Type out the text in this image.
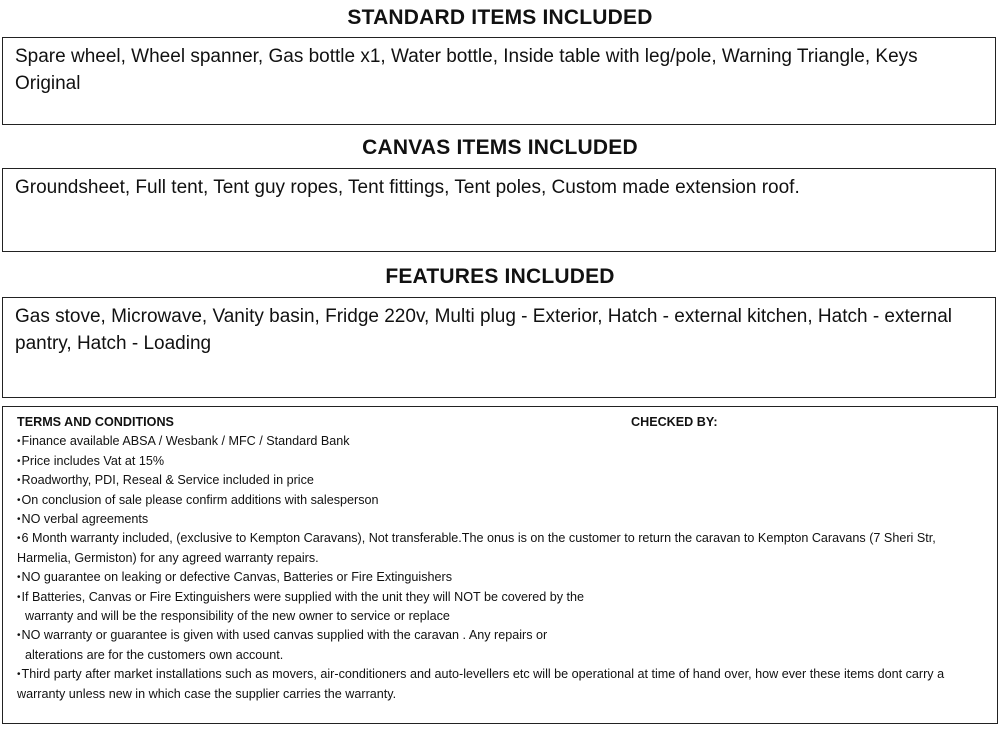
STANDARD ITEMS INCLUDED
Spare wheel, Wheel spanner, Gas bottle x1, Water bottle, Inside table with leg/pole, Warning Triangle, Keys Original
CANVAS ITEMS INCLUDED
Groundsheet, Full tent, Tent guy ropes, Tent fittings, Tent poles, Custom made extension roof.
FEATURES INCLUDED
Gas stove, Microwave, Vanity basin, Fridge 220v, Multi plug - Exterior, Hatch - external kitchen, Hatch - external pantry, Hatch - Loading
TERMS AND CONDITIONS	CHECKED BY:
•Finance available ABSA / Wesbank / MFC / Standard Bank
•Price includes Vat at 15%
•Roadworthy, PDI, Reseal & Service included in price
•On conclusion of sale please confirm additions with salesperson
•NO verbal agreements
•6 Month warranty included, (exclusive to Kempton Caravans), Not transferable.The onus is on the customer to return the caravan to Kempton Caravans (7 Sheri Str, Harmelia, Germiston) for any agreed warranty repairs.
•NO guarantee on leaking or defective Canvas, Batteries or Fire Extinguishers
•If Batteries, Canvas or Fire Extinguishers were supplied with the unit they will NOT be covered by the
warranty and will be the responsibility of the new owner to service or replace
•NO warranty or guarantee is given with used canvas supplied with the caravan . Any repairs or
alterations are for the customers own account.
•Third party after market installations such as movers, air-conditioners and auto-levellers etc will be operational at time of hand over, how ever these items dont carry a warranty unless new in which case the supplier carries the warranty.
